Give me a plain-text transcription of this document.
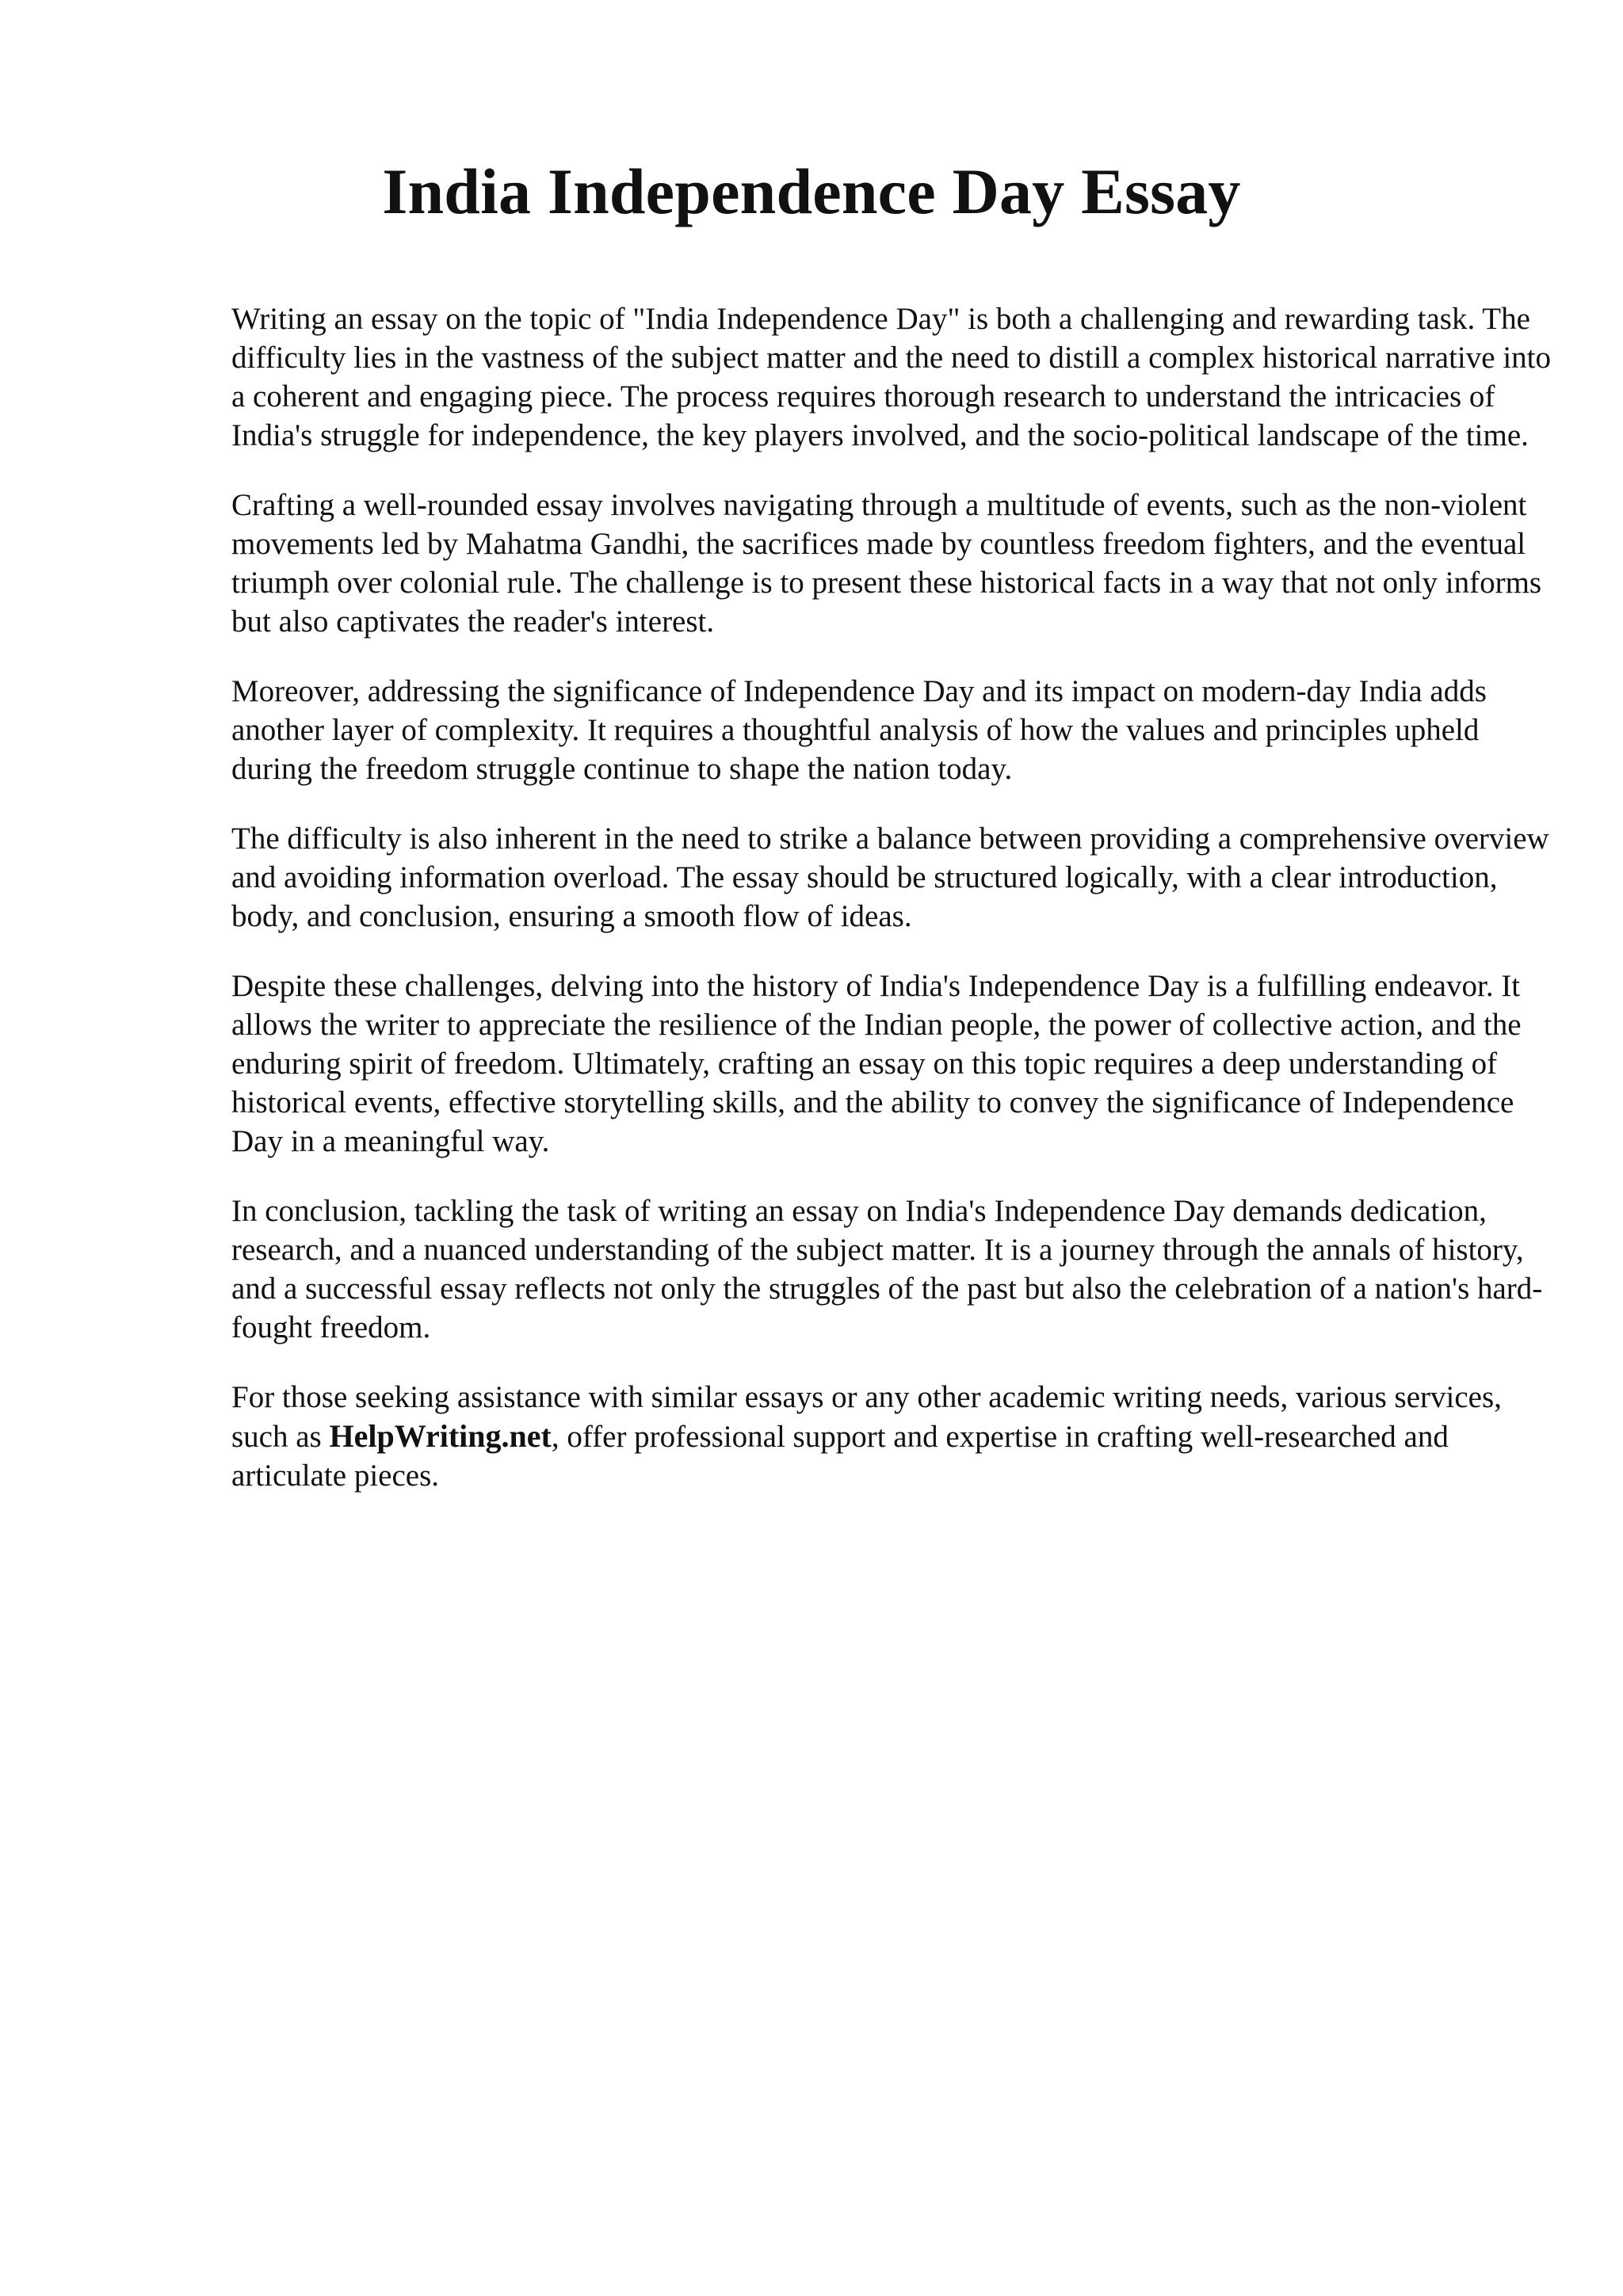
India Independence Day Essay

Writing an essay on the topic of "India Independence Day" is both a challenging and rewarding task. The difficulty lies in the vastness of the subject matter and the need to distill a complex historical narrative into a coherent and engaging piece. The process requires thorough research to understand the intricacies of India's struggle for independence, the key players involved, and the socio-political landscape of the time.

Crafting a well-rounded essay involves navigating through a multitude of events, such as the non-violent movements led by Mahatma Gandhi, the sacrifices made by countless freedom fighters, and the eventual triumph over colonial rule. The challenge is to present these historical facts in a way that not only informs but also captivates the reader's interest.

Moreover, addressing the significance of Independence Day and its impact on modern-day India adds another layer of complexity. It requires a thoughtful analysis of how the values and principles upheld during the freedom struggle continue to shape the nation today.

The difficulty is also inherent in the need to strike a balance between providing a comprehensive overview and avoiding information overload. The essay should be structured logically, with a clear introduction, body, and conclusion, ensuring a smooth flow of ideas.

Despite these challenges, delving into the history of India's Independence Day is a fulfilling endeavor. It allows the writer to appreciate the resilience of the Indian people, the power of collective action, and the enduring spirit of freedom. Ultimately, crafting an essay on this topic requires a deep understanding of historical events, effective storytelling skills, and the ability to convey the significance of Independence Day in a meaningful way.

In conclusion, tackling the task of writing an essay on India's Independence Day demands dedication, research, and a nuanced understanding of the subject matter. It is a journey through the annals of history, and a successful essay reflects not only the struggles of the past but also the celebration of a nation's hard-fought freedom.

For those seeking assistance with similar essays or any other academic writing needs, various services, such as HelpWriting.net, offer professional support and expertise in crafting well-researched and articulate pieces.
